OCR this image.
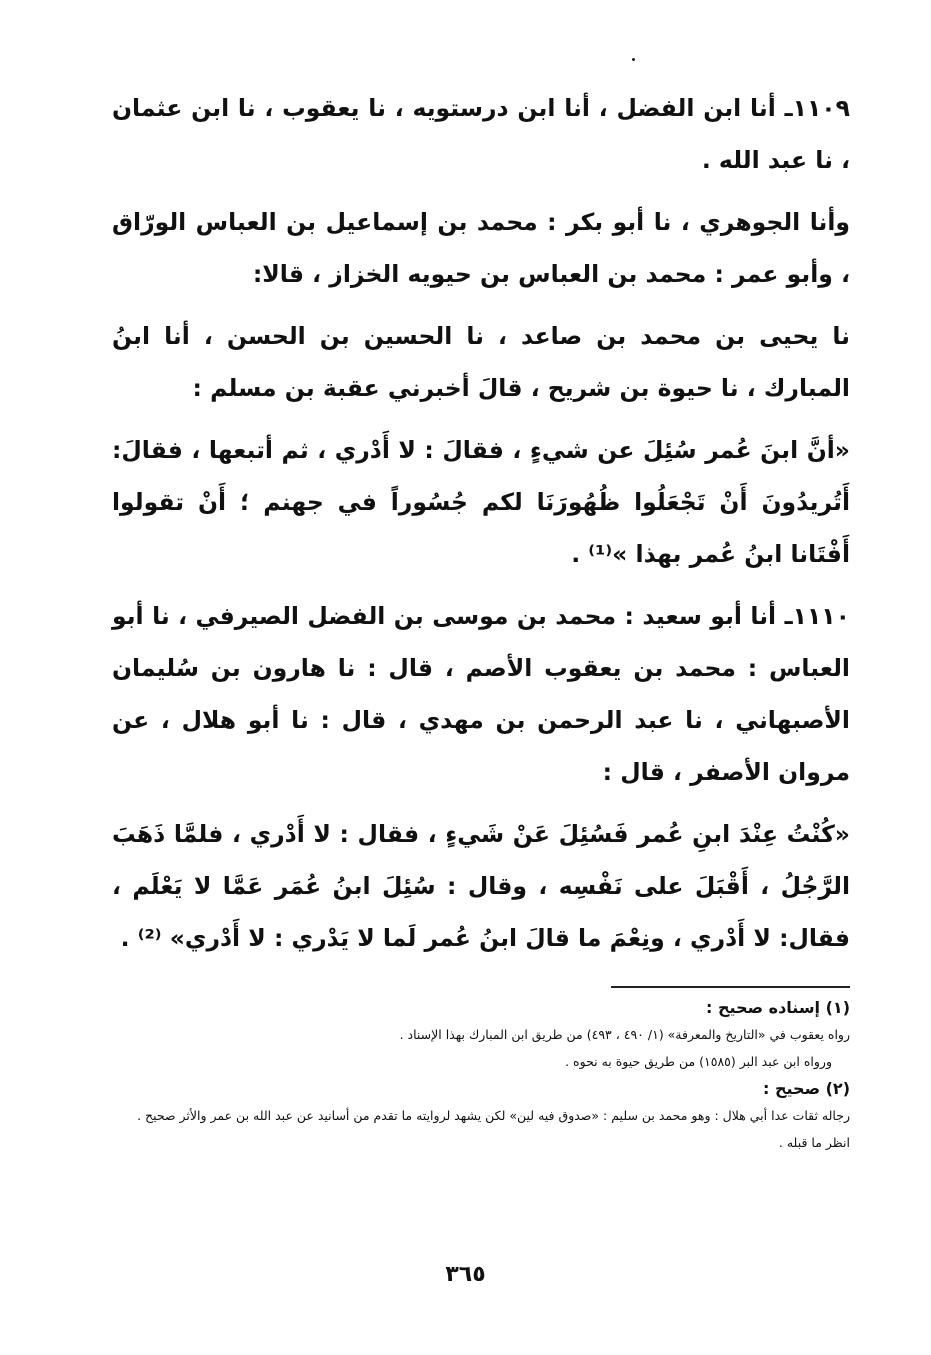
١١٠٩ـ أنا ابن الفضل ، أنا ابن درستويه ، نا يعقوب ، نا ابن عثمان ، نا عبد الله .

وأنا الجوهري ، نا أبو بكر : محمد بن إسماعيل بن العباس الورّاق ، وأبو عمر : محمد بن العباس بن حيويه الخزاز ، قالا:

نا يحيى بن محمد بن صاعد ، نا الحسين بن الحسن ، أنا ابنُ المبارك ، نا حيوة بن شريح ، قالَ أخبرني عقبة بن مسلم :

«أنَّ ابنَ عُمر سُئِلَ عن شيءٍ ، فقالَ : لا أَدْري ، ثم أتبعها ، فقالَ: أَتُريدُونَ أَنْ تَجْعَلُوا ظُهُورَنَا لكم جُسُوراً في جهنم ؛ أَنْ تقولوا أَفْتَانا ابنُ عُمر بهذا »⁽¹⁾ .

١١١٠ـ أنا أبو سعيد : محمد بن موسى بن الفضل الصيرفي ، نا أبو العباس : محمد بن يعقوب الأصم ، قال : نا هارون بن سُليمان الأصبهاني ، نا عبد الرحمن بن مهدي ، قال : نا أبو هلال ، عن مروان الأصفر ، قال :

«كُنْتُ عِنْدَ ابنِ عُمر فَسُئِلَ عَنْ شَيءٍ ، فقال : لا أَدْري ، فلمَّا ذَهَبَ الرَّجُلُ ، أَقْبَلَ على نَفْسِه ، وقال : سُئِلَ ابنُ عُمَر عَمَّا لا يَعْلَم ، فقال: لا أَدْري ، ونِعْمَ ما قالَ ابنُ عُمر لَما لا يَدْري : لا أَدْري» ⁽²⁾ .

(١) إسناده صحيح :

رواه يعقوب في «التاريخ والمعرفة» (١/ ٤٩٠ ، ٤٩٣) من طريق ابن المبارك بهذا الإسناد .

ورواه ابن عبد البر (١٥٨٥) من طريق حيوة به نحوه .

(٢) صحيح :

رجاله ثقات عدا أبي هلال : وهو محمد بن سليم : «صدوق فيه لين» لكن يشهد لروايته ما تقدم من أسانيد عن عبد الله بن عمر والأثر صحيح .

انظر ما قبله .

٣٦٥
